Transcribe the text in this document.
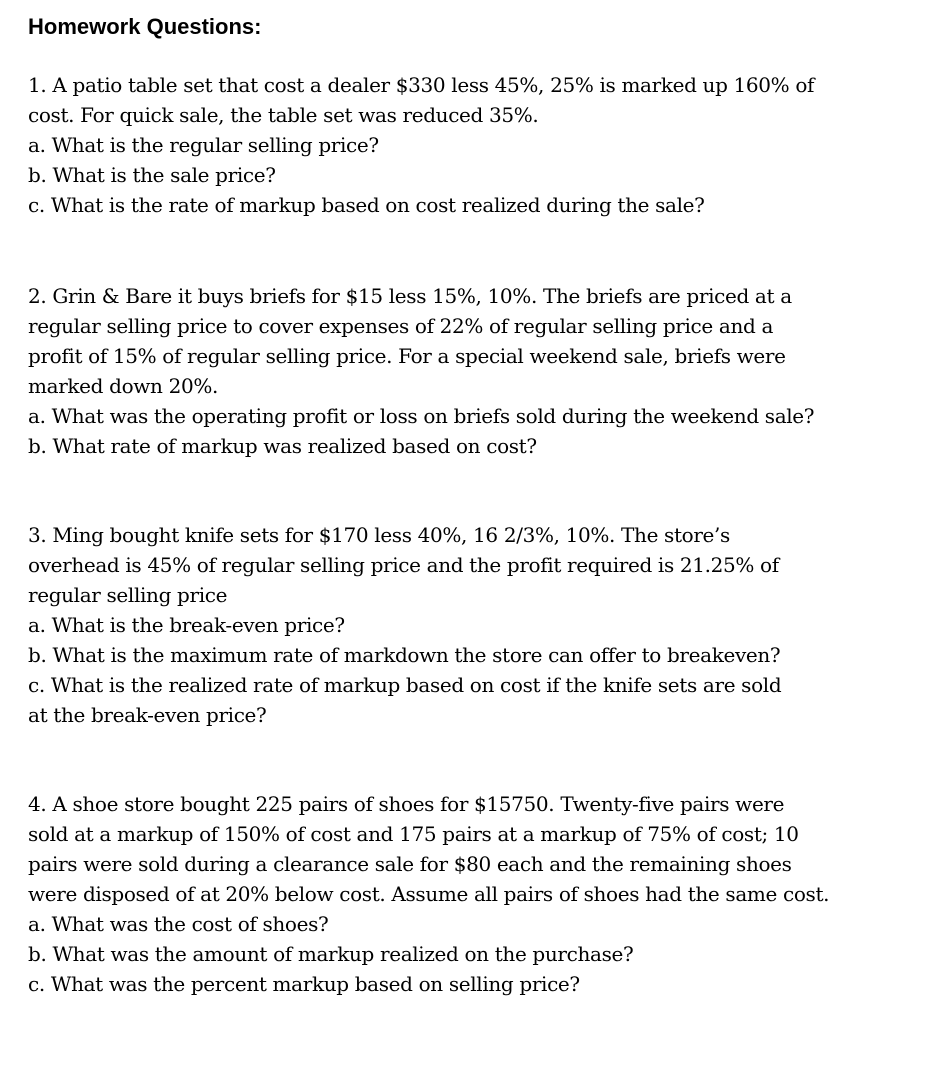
Homework Questions:
1. A patio table set that cost a dealer $330 less 45%, 25% is marked up 160% of
cost. For quick sale, the table set was reduced 35%.
a. What is the regular selling price?
b. What is the sale price?
c. What is the rate of markup based on cost realized during the sale?
2. Grin & Bare it buys briefs for $15 less 15%, 10%. The briefs are priced at a
regular selling price to cover expenses of 22% of regular selling price and a
profit of 15% of regular selling price. For a special weekend sale, briefs were
marked down 20%.
a. What was the operating profit or loss on briefs sold during the weekend sale?
b. What rate of markup was realized based on cost?
3. Ming bought knife sets for $170 less 40%, 16 2/3%, 10%. The store’s
overhead is 45% of regular selling price and the profit required is 21.25% of
regular selling price
a. What is the break-even price?
b. What is the maximum rate of markdown the store can offer to breakeven?
c. What is the realized rate of markup based on cost if the knife sets are sold
at the break-even price?
4. A shoe store bought 225 pairs of shoes for $15750. Twenty-five pairs were
sold at a markup of 150% of cost and 175 pairs at a markup of 75% of cost; 10
pairs were sold during a clearance sale for $80 each and the remaining shoes
were disposed of at 20% below cost. Assume all pairs of shoes had the same cost.
a. What was the cost of shoes?
b. What was the amount of markup realized on the purchase?
c. What was the percent markup based on selling price?
